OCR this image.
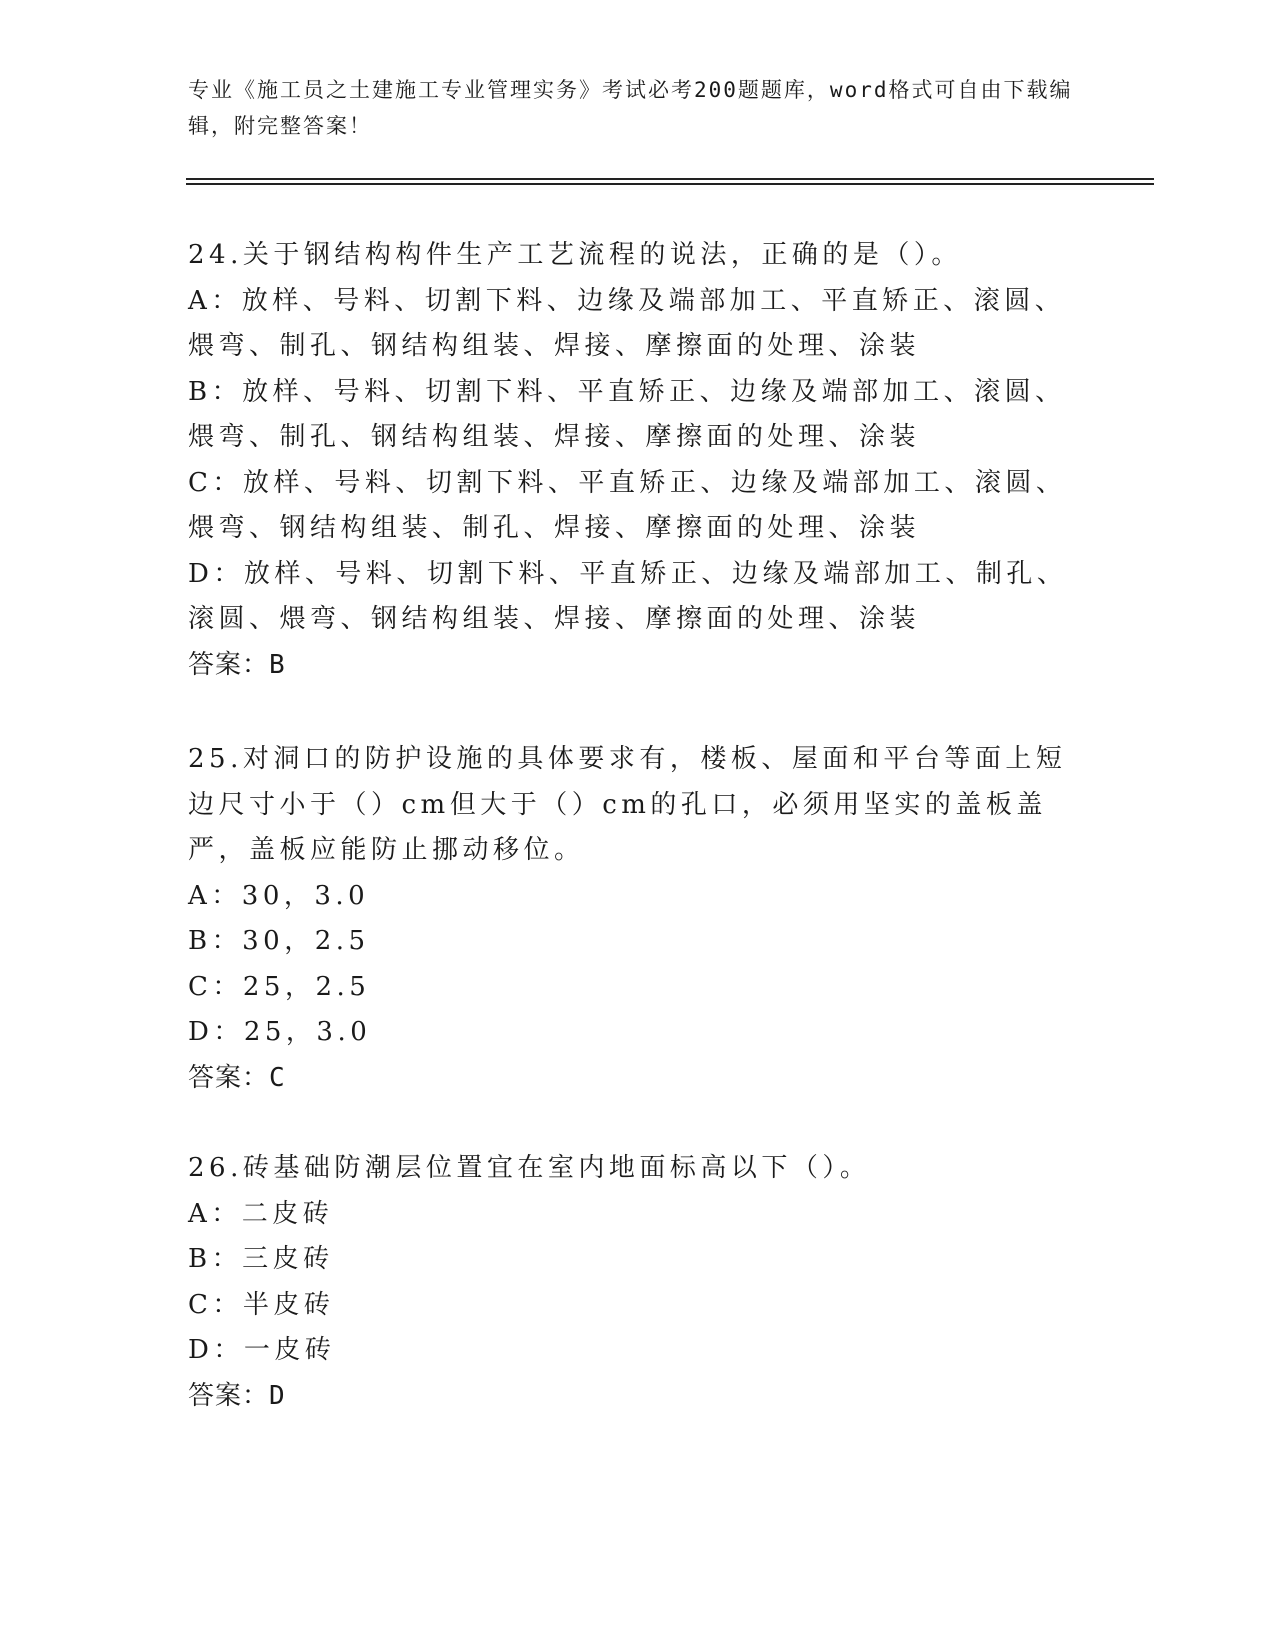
专业《施工员之土建施工专业管理实务》考试必考200题题库，word格式可自由下载编辑，附完整答案！
24.关于钢结构构件生产工艺流程的说法，正确的是（）。
A：放样、号料、切割下料、边缘及端部加工、平直矫正、滚圆、煨弯、制孔、钢结构组装、焊接、摩擦面的处理、涂装
B：放样、号料、切割下料、平直矫正、边缘及端部加工、滚圆、煨弯、制孔、钢结构组装、焊接、摩擦面的处理、涂装
C：放样、号料、切割下料、平直矫正、边缘及端部加工、滚圆、煨弯、钢结构组装、制孔、焊接、摩擦面的处理、涂装
D：放样、号料、切割下料、平直矫正、边缘及端部加工、制孔、滚圆、煨弯、钢结构组装、焊接、摩擦面的处理、涂装
答案：B
25.对洞口的防护设施的具体要求有，楼板、屋面和平台等面上短边尺寸小于（）cm但大于（）cm的孔口，必须用坚实的盖板盖严，盖板应能防止挪动移位。
A：30，3.0
B：30，2.5
C：25，2.5
D：25，3.0
答案：C
26.砖基础防潮层位置宜在室内地面标高以下（）。
A：二皮砖
B：三皮砖
C：半皮砖
D：一皮砖
答案：D
